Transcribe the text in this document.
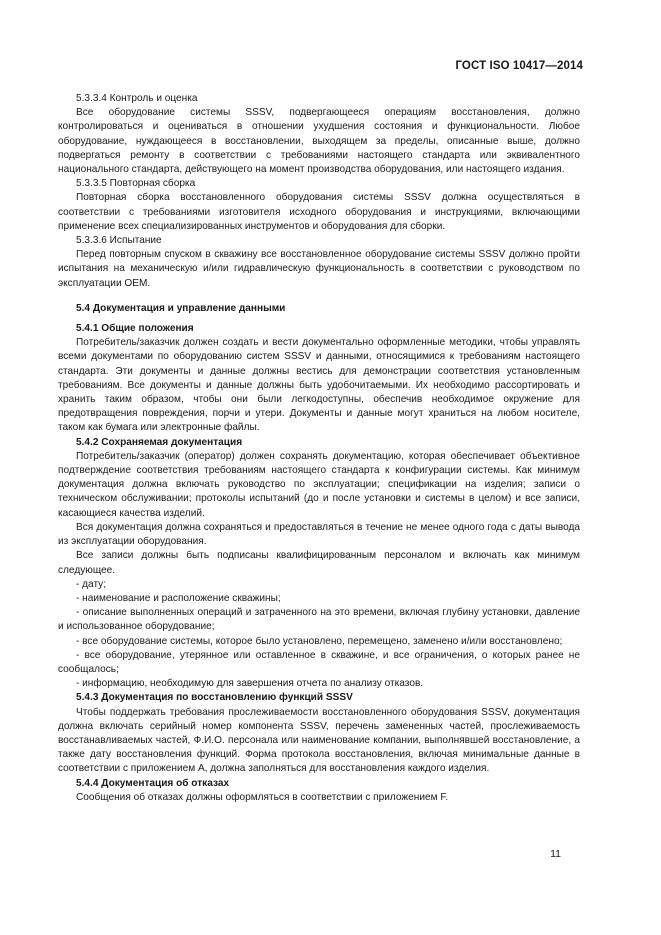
ГОСТ ISO 10417—2014

5.3.3.4 Контроль и оценка

Все оборудование системы SSSV, подвергающееся операциям восстановления, должно контролироваться и оцениваться в отношении ухудшения состояния и функциональности. Любое оборудование, нуждающееся в восстановлении, выходящем за пределы, описанные выше, должно подвергаться ремонту в соответствии с требованиями настоящего стандарта или эквивалентного национального стандарта, действующего на момент производства оборудования, или настоящего издания.

5.3.3.5 Повторная сборка

Повторная сборка восстановленного оборудования системы SSSV должна осуществляться в соответствии с требованиями изготовителя исходного оборудования и инструкциями, включающими применение всех специализированных инструментов и оборудования для сборки.

5.3.3.6 Испытание

Перед повторным спуском в скважину все восстановленное оборудование системы SSSV должно пройти испытания на механическую и/или гидравлическую функциональность в соответствии с руководством по эксплуатации OEM.

5.4 Документация и управление данными

5.4.1 Общие положения

Потребитель/заказчик должен создать и вести документально оформленные методики, чтобы управлять всеми документами по оборудованию систем SSSV и данными, относящимися к требованиям настоящего стандарта. Эти документы и данные должны вестись для демонстрации соответствия установленным требованиям. Все документы и данные должны быть удобочитаемыми. Их необходимо рассортировать и хранить таким образом, чтобы они были легкодоступны, обеспечив необходимое окружение для предотвращения повреждения, порчи и утери. Документы и данные могут храниться на любом носителе, таком как бумага или электронные файлы.

5.4.2 Сохраняемая документация

Потребитель/заказчик (оператор) должен сохранять документацию, которая обеспечивает объективное подтверждение соответствия требованиям настоящего стандарта к конфигурации системы. Как минимум документация должна включать руководство по эксплуатации; спецификации на изделия; записи о техническом обслуживании; протоколы испытаний (до и после установки и системы в целом) и все записи, касающиеся качества изделий.

Вся документация должна сохраняться и предоставляться в течение не менее одного года с даты вывода из эксплуатации оборудования.

Все записи должны быть подписаны квалифицированным персоналом и включать как минимум следующее.

- дату;

- наименование и расположение скважины;

- описание выполненных операций и затраченного на это времени, включая глубину установки, давление и использованное оборудование;

- все оборудование системы, которое было установлено, перемещено, заменено и/или восстановлено;

- все оборудование, утерянное или оставленное в скважине, и все ограничения, о которых ранее не сообщалось;

- информацию, необходимую для завершения отчета по анализу отказов.

5.4.3 Документация по восстановлению функций SSSV

Чтобы поддержать требования прослеживаемости восстановленного оборудования SSSV, документация должна включать серийный номер компонента SSSV, перечень замененных частей, прослеживаемость восстанавливаемых частей, Ф.И.О. персонала или наименование компании, выполнявшей восстановление, а также дату восстановления функций. Форма протокола восстановления, включая минимальные данные в соответствии с приложением А, должна заполняться для восстановления каждого изделия.

5.4.4 Документация об отказах

Сообщения об отказах должны оформляться в соответствии с приложением F.

11
